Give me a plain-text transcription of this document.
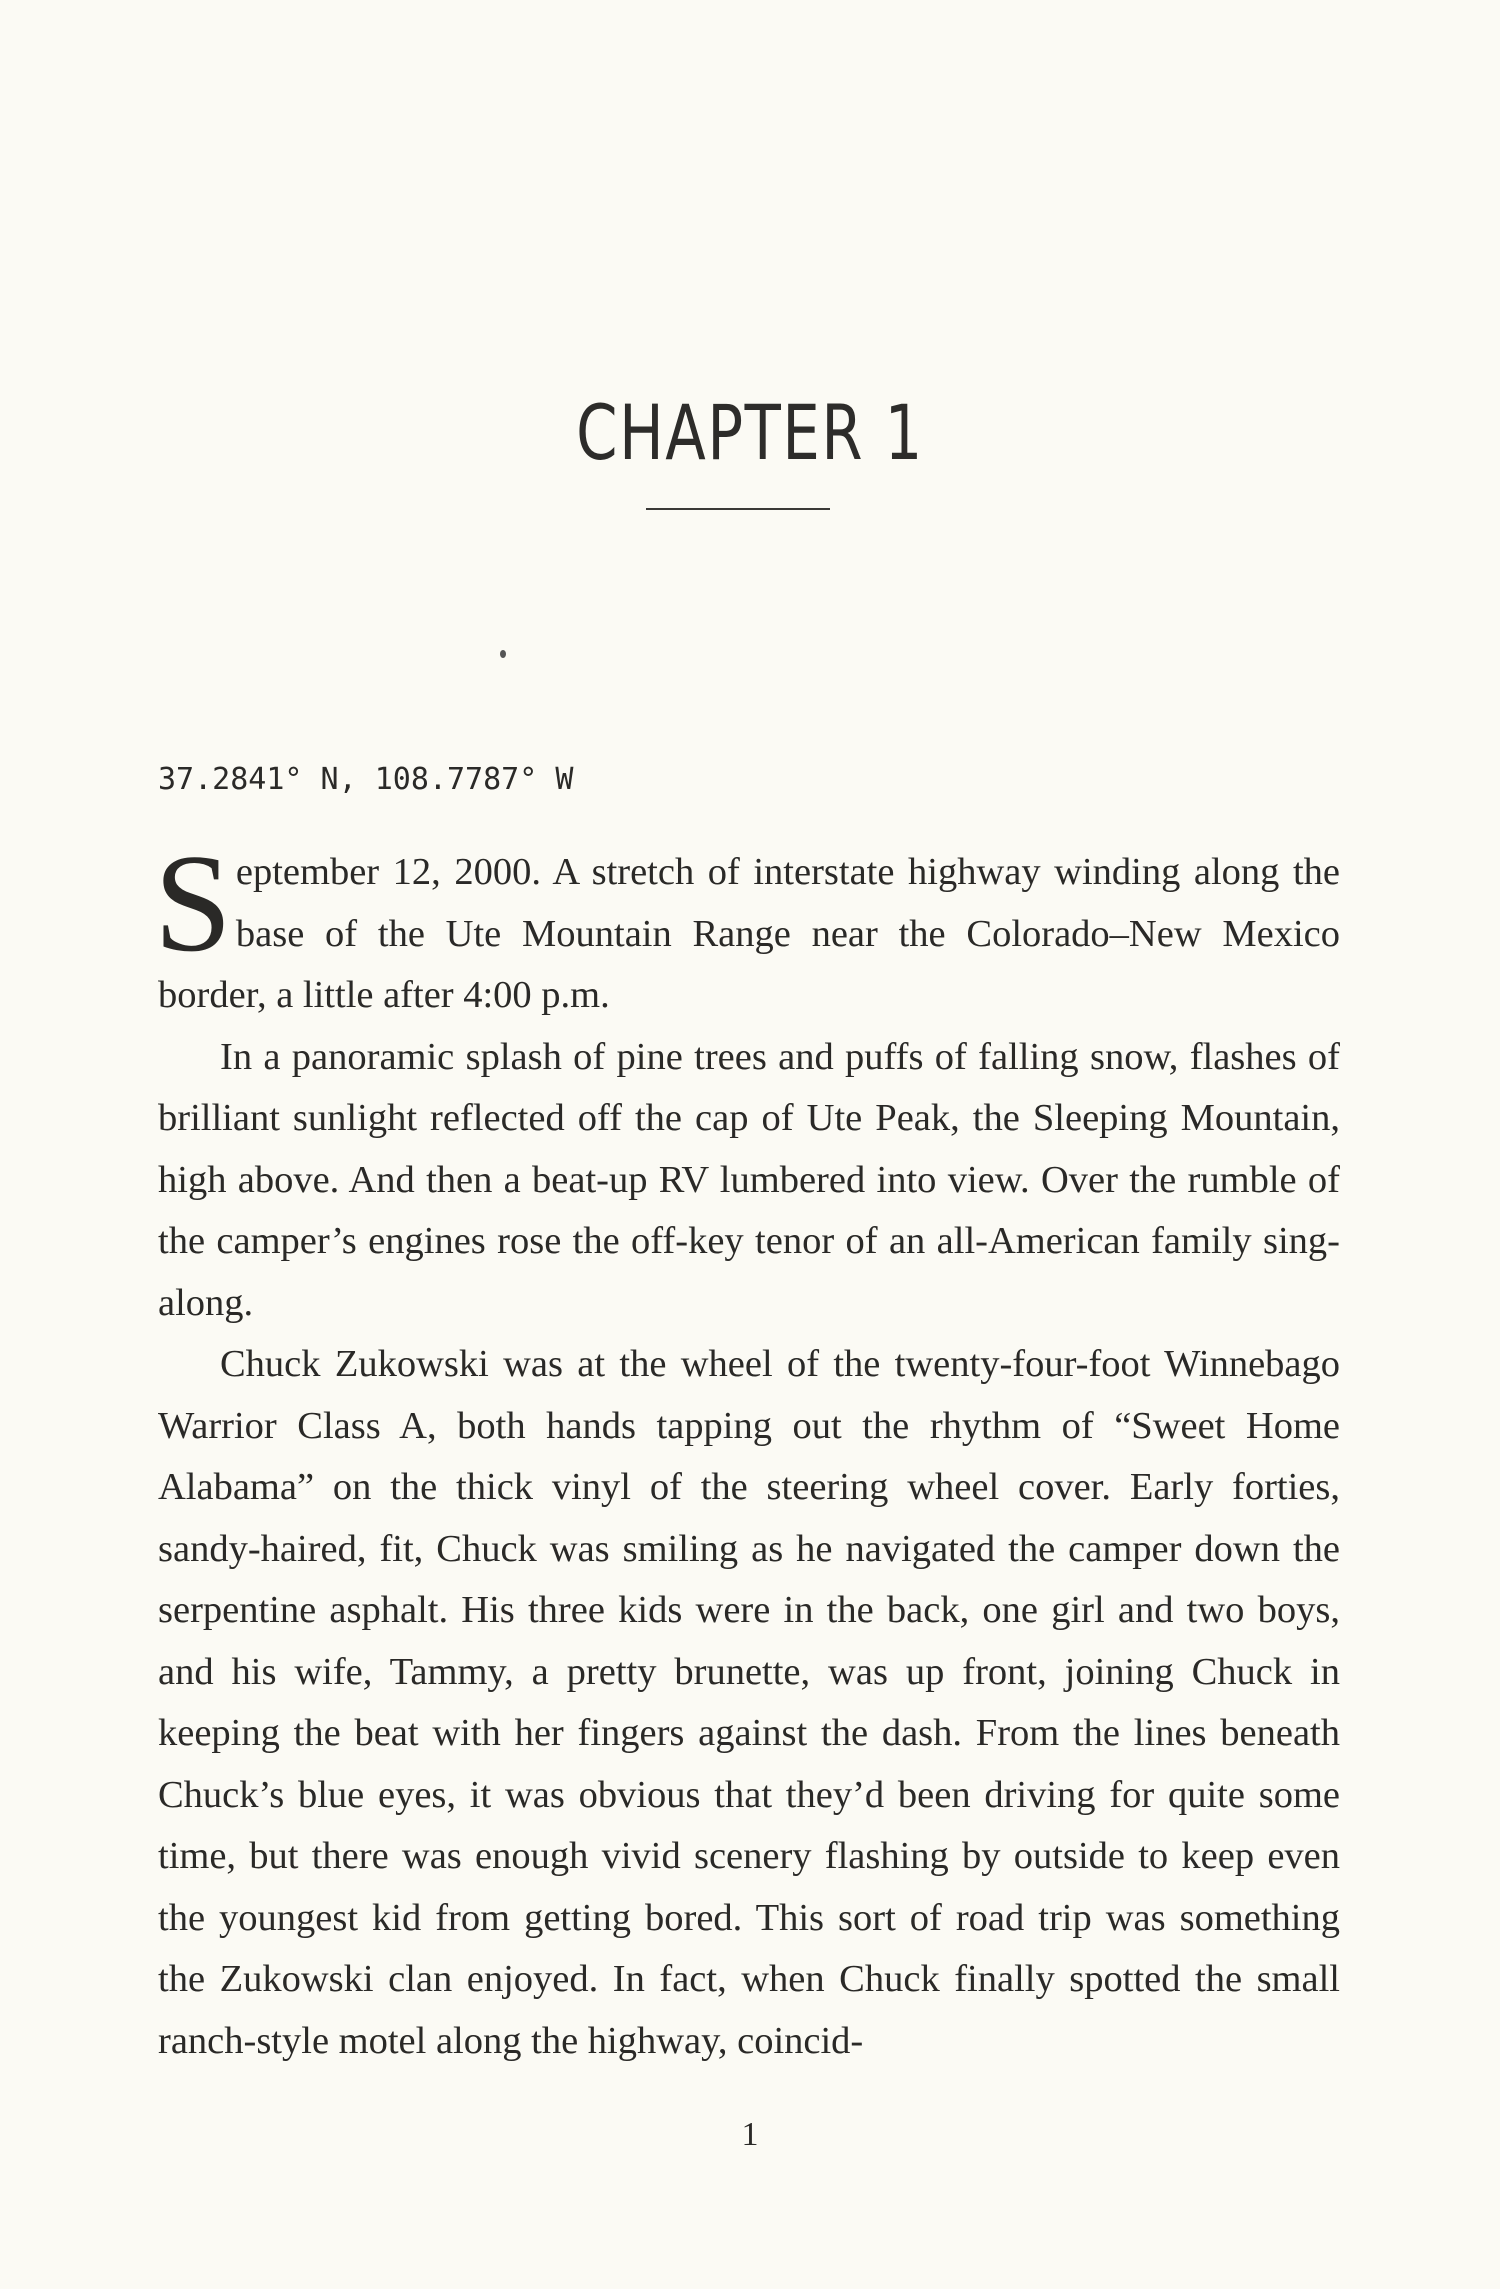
CHAPTER 1
37.2841° N, 108.7787° W

September 12, 2000. A stretch of interstate highway winding along the base of the Ute Mountain Range near the Colorado–New Mexico border, a little after 4:00 p.m.

In a panoramic splash of pine trees and puffs of falling snow, flashes of brilliant sunlight reflected off the cap of Ute Peak, the Sleeping Mountain, high above. And then a beat-up RV lumbered into view. Over the rumble of the camper’s engines rose the off-key tenor of an all-American family sing-along.

Chuck Zukowski was at the wheel of the twenty-four-foot Winnebago Warrior Class A, both hands tapping out the rhythm of “Sweet Home Alabama” on the thick vinyl of the steering wheel cover. Early forties, sandy-haired, fit, Chuck was smiling as he navigated the camper down the serpentine asphalt. His three kids were in the back, one girl and two boys, and his wife, Tammy, a pretty brunette, was up front, joining Chuck in keeping the beat with her fingers against the dash. From the lines beneath Chuck’s blue eyes, it was obvious that they’d been driving for quite some time, but there was enough vivid scenery flashing by outside to keep even the youngest kid from getting bored. This sort of road trip was something the Zukowski clan enjoyed. In fact, when Chuck finally spotted the small ranch-style motel along the highway, coincid-

1
